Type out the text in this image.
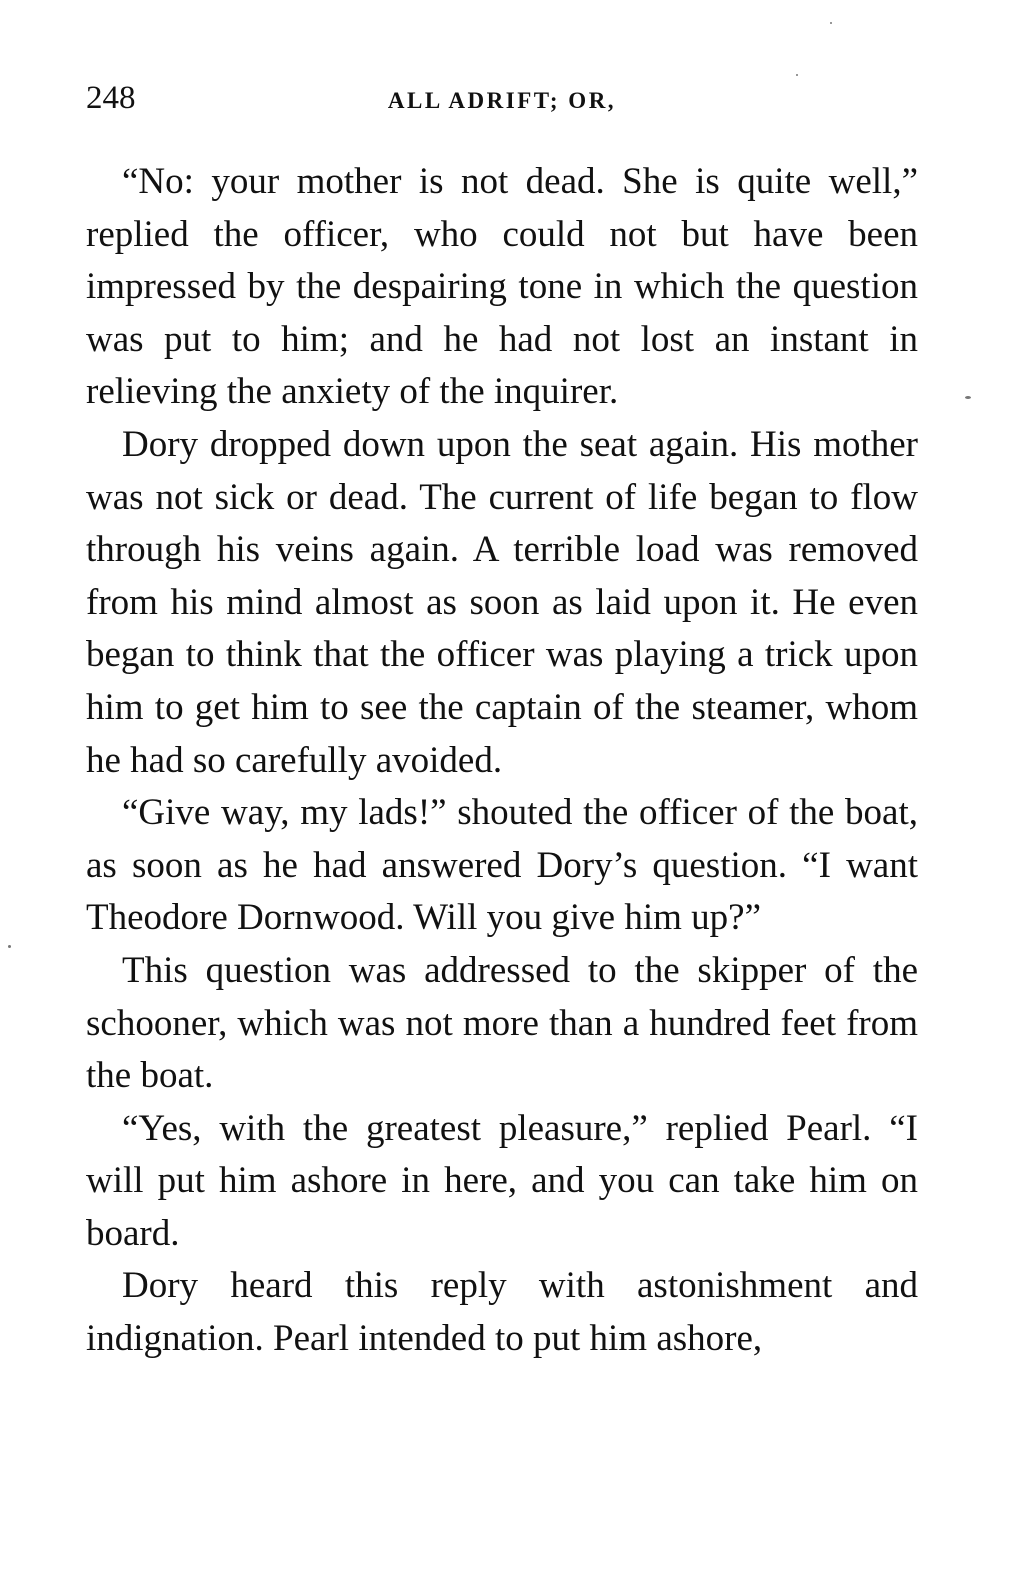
248	ALL ADRIFT; OR,

“No: your mother is not dead. She is quite well,” replied the officer, who could not but have been impressed by the despairing tone in which the question was put to him; and he had not lost an instant in relieving the anxiety of the inquirer.

Dory dropped down upon the seat again. His mother was not sick or dead. The current of life began to flow through his veins again. A terrible load was removed from his mind almost as soon as laid upon it. He even began to think that the officer was playing a trick upon him to get him to see the captain of the steamer, whom he had so carefully avoided.

“Give way, my lads!” shouted the officer of the boat, as soon as he had answered Dory’s question. “I want Theodore Dornwood. Will you give him up?”

This question was addressed to the skipper of the schooner, which was not more than a hundred feet from the boat.

“Yes, with the greatest pleasure,” replied Pearl. “I will put him ashore in here, and you can take him on board.

Dory heard this reply with astonishment and indignation. Pearl intended to put him ashore,
